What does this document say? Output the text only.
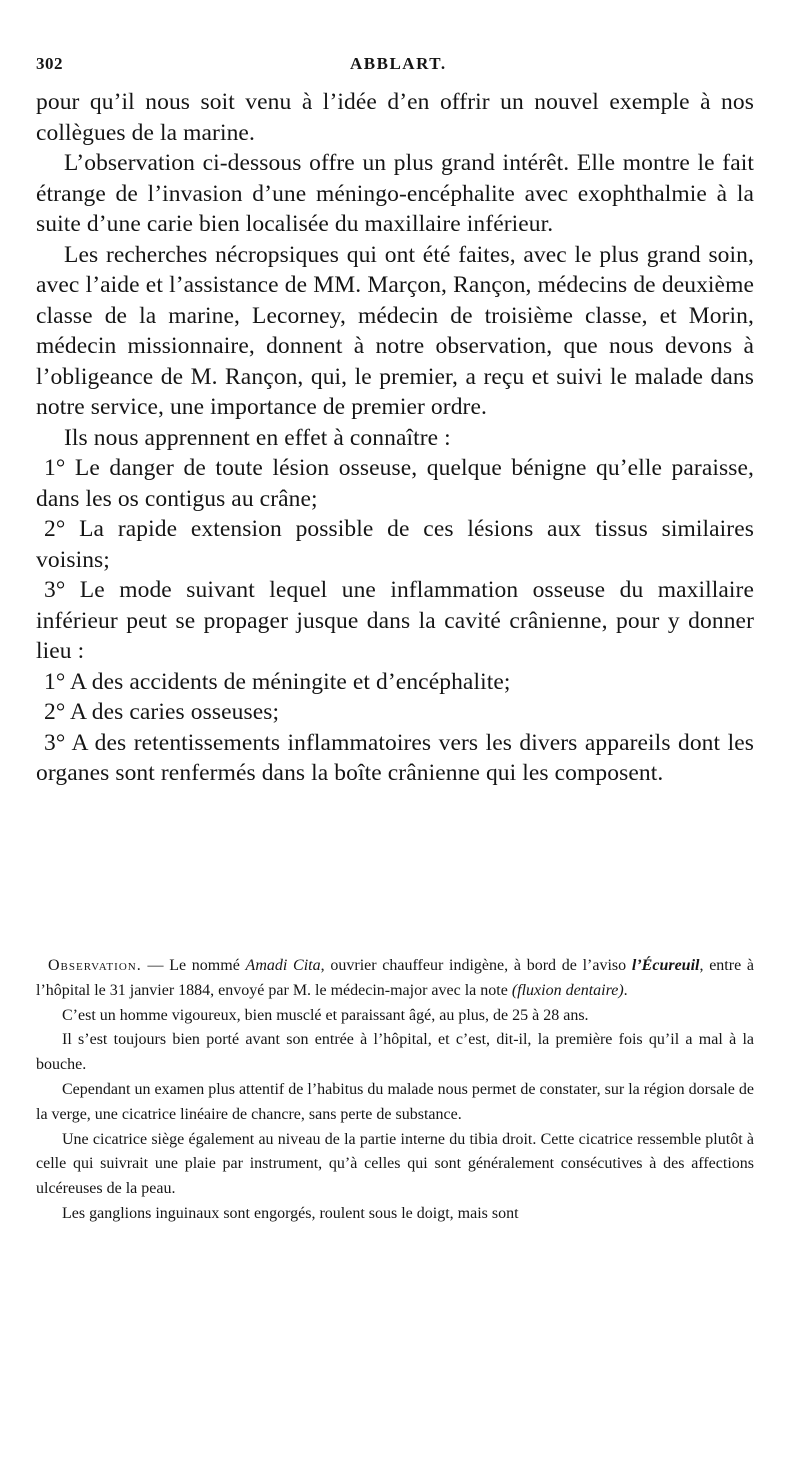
302	ABBLART.

pour qu’il nous soit venu à l’idée d’en offrir un nouvel exemple à nos collègues de la marine.

L’observation ci-dessous offre un plus grand intérêt. Elle montre le fait étrange de l’invasion d’une méningo-encéphalite avec exophthalmie à la suite d’une carie bien localisée du maxillaire inférieur.

Les recherches nécropsiques qui ont été faites, avec le plus grand soin, avec l’aide et l’assistance de MM. Marçon, Rançon, médecins de deuxième classe de la marine, Lecorney, médecin de troisième classe, et Morin, médecin missionnaire, donnent à notre observation, que nous devons à l’obligeance de M. Rançon, qui, le premier, a reçu et suivi le malade dans notre service, une importance de premier ordre.

Ils nous apprennent en effet à connaître :

1° Le danger de toute lésion osseuse, quelque bénigne qu’elle paraisse, dans les os contigus au crâne;

2° La rapide extension possible de ces lésions aux tissus similaires voisins;

3° Le mode suivant lequel une inflammation osseuse du maxillaire inférieur peut se propager jusque dans la cavité crânienne, pour y donner lieu :

1° A des accidents de méningite et d’encéphalite;

2° A des caries osseuses;

3° A des retentissements inflammatoires vers les divers appareils dont les organes sont renfermés dans la boîte crânienne qui les composent.

Observation. — Le nommé Amadi Cita, ouvrier chauffeur indigène, à bord de l’aviso l’Écureuil, entre à l’hôpital le 31 janvier 1884, envoyé par M. le médecin-major avec la note (fluxion dentaire).

C’est un homme vigoureux, bien musclé et paraissant âgé, au plus, de 25 à 28 ans.

Il s’est toujours bien porté avant son entrée à l’hôpital, et c’est, dit-il, la première fois qu’il a mal à la bouche.

Cependant un examen plus attentif de l’habitus du malade nous permet de constater, sur la région dorsale de la verge, une cicatrice linéaire de chancre, sans perte de substance.

Une cicatrice siège également au niveau de la partie interne du tibia droit. Cette cicatrice ressemble plutôt à celle qui suivrait une plaie par instrument, qu’à celles qui sont généralement consécutives à des affections ulcéreuses de la peau.

Les ganglions inguinaux sont engorgés, roulent sous le doigt, mais sont
